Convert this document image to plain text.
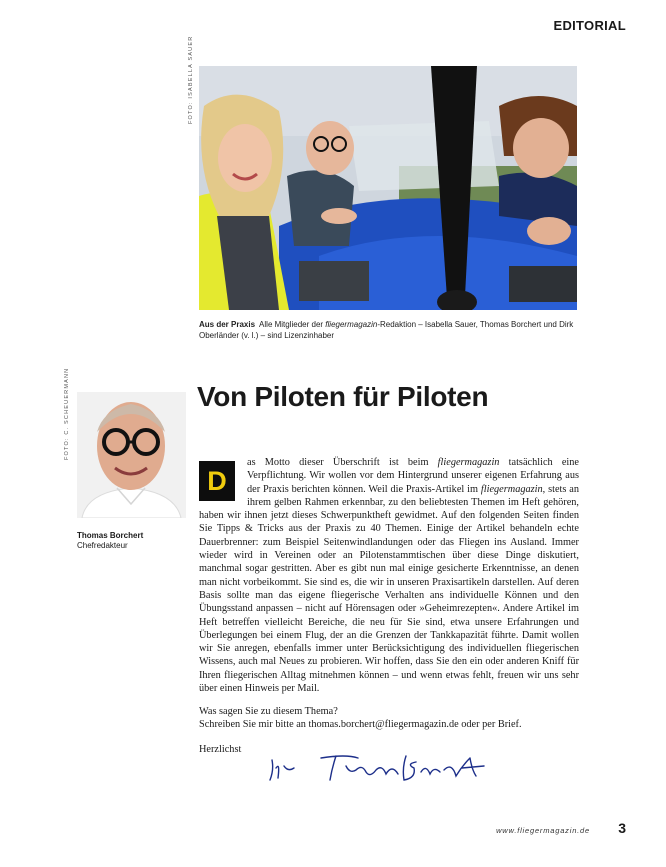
EDITORIAL
FOTO: ISABELLA SAUER
Aus der Praxis Alle Mitglieder der fliegermagazin-Redaktion – Isabella Sauer, Thomas Borchert und Dirk Oberländer (v. l.) – sind Lizenzinhaber
FOTO: C. SCHEUERMANN
Thomas Borchert
Chefredakteur
Von Piloten für Piloten

D
as Motto dieser Überschrift ist beim fliegermagazin tatsächlich eine Verpflichtung. Wir wollen vor dem Hintergrund unserer eigenen Erfahrung aus der Praxis berichten können. Weil die Praxis-Artikel im fliegermagazin, stets an ihrem gelben Rahmen erkennbar, zu den beliebtesten Themen im Heft gehören, haben wir ihnen jetzt dieses Schwerpunktheft gewidmet. Auf den folgenden Seiten finden Sie Tipps & Tricks aus der Praxis zu 40 Themen. Einige der Artikel behandeln echte Dauerbrenner: zum Beispiel Seitenwindlandungen oder das Fliegen ins Ausland. Immer wieder wird in Vereinen oder an Pilotenstammtischen über diese Dinge diskutiert, manchmal sogar gestritten. Aber es gibt nun mal einige gesicherte Erkenntnisse, an denen man nicht vorbeikommt. Sie sind es, die wir in unseren Praxisartikeln darstellen. Auf deren Basis sollte man das eigene fliegerische Verhalten ans individuelle Können und den Übungsstand anpassen – nicht auf Hörensagen oder »Geheimrezepten«. Andere Artikel im Heft betreffen vielleicht Bereiche, die neu für Sie sind, etwa unsere Erfahrungen und Überlegungen bei einem Flug, der an die Grenzen der Tankkapazität führte. Damit wollen wir Sie anregen, ebenfalls immer unter Berücksichtigung des individuellen fliegerischen Wissens, auch mal Neues zu probieren. Wir hoffen, dass Sie den ein oder anderen Kniff für Ihren fliegerischen Alltag mitnehmen können – und wenn etwas fehlt, freuen wir uns sehr über einen Hinweis per Mail.

Was sagen Sie zu diesem Thema?
Schreiben Sie mir bitte an thomas.borchert@fliegermagazin.de oder per Brief.
Herzlichst
www.fliegermagazin.de 3
